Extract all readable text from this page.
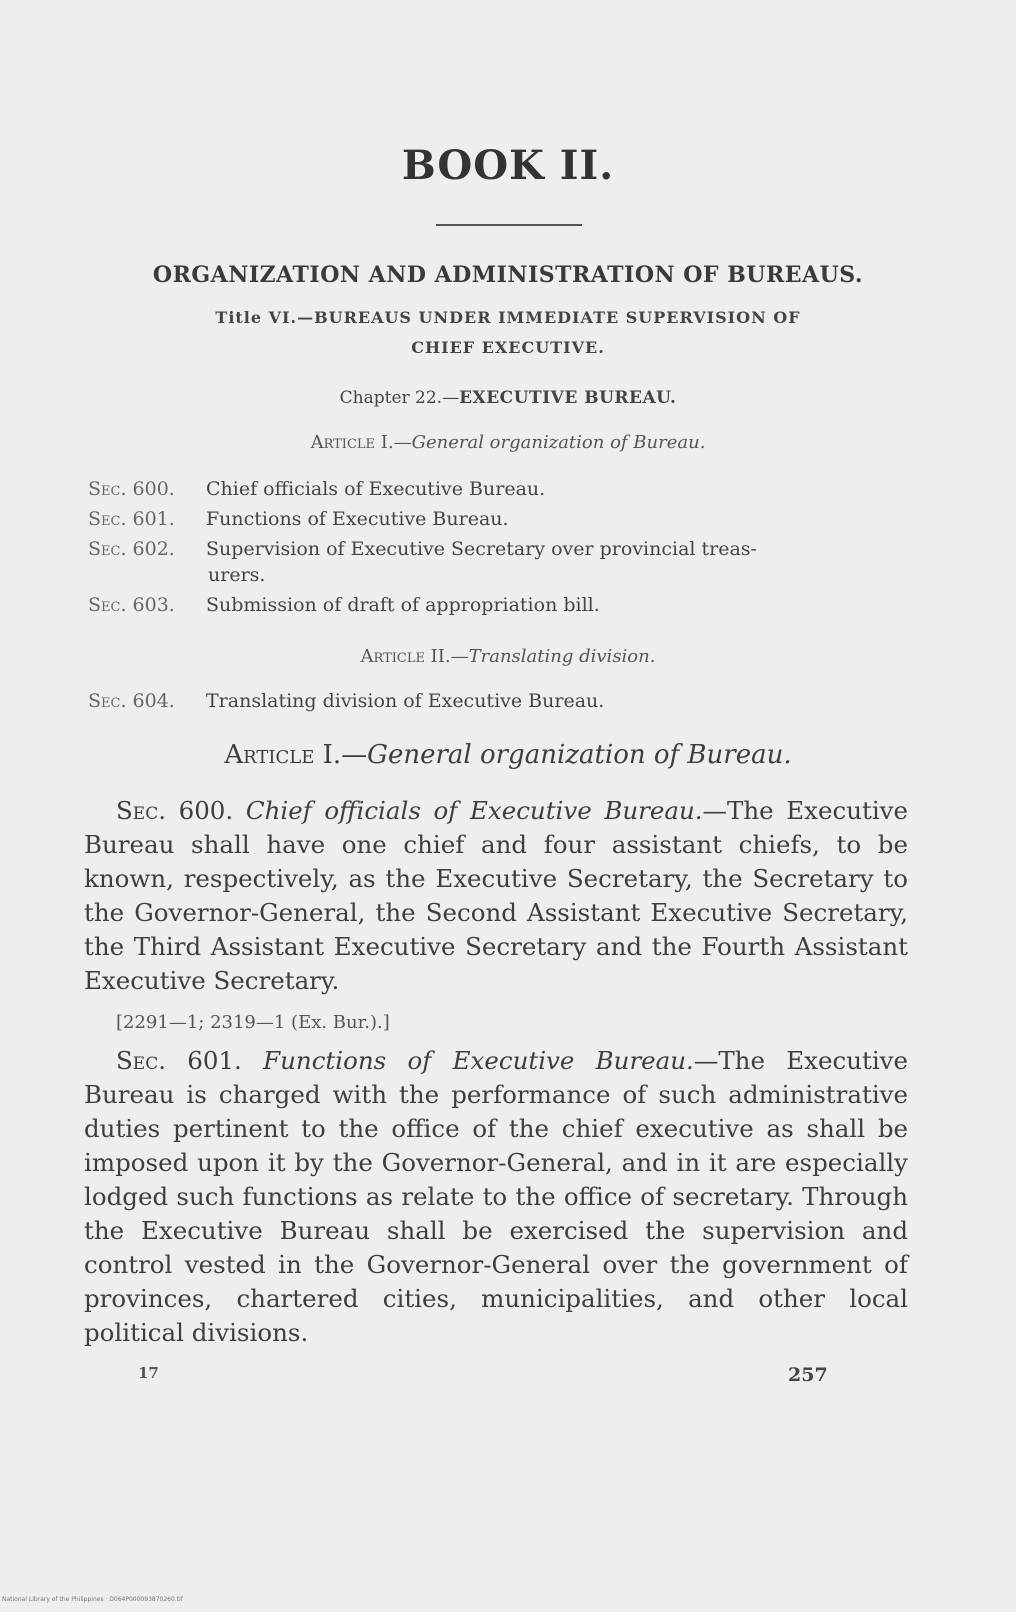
BOOK II.
ORGANIZATION AND ADMINISTRATION OF BUREAUS.
Title VI.—BUREAUS UNDER IMMEDIATE SUPERVISION OF
CHIEF EXECUTIVE.
Chapter 22.—EXECUTIVE BUREAU.
Article I.—General organization of Bureau.
Sec. 600. Chief officials of Executive Bureau.
Sec. 601. Functions of Executive Bureau.
Sec. 602. Supervision of Executive Secretary over provincial treas-
urers.
Sec. 603. Submission of draft of appropriation bill.
Article II.—Translating division.
Sec. 604. Translating division of Executive Bureau.
Article I.—General organization of Bureau.
Sec. 600. Chief officials of Executive Bureau.—The Executive Bureau shall have one chief and four assistant chiefs, to be known, respectively, as the Executive Secretary, the Secretary to the Governor-General, the Second Assistant Executive Secretary, the Third Assistant Executive Secretary and the Fourth Assistant Executive Secretary.
[2291—1; 2319—1 (Ex. Bur.).]
Sec. 601. Functions of Executive Bureau.—The Executive Bureau is charged with the performance of such administrative duties pertinent to the office of the chief executive as shall be imposed upon it by the Governor-General, and in it are especially lodged such functions as relate to the office of secretary. Through the Executive Bureau shall be exercised the supervision and control vested in the Governor-General over the government of provinces, chartered cities, municipalities, and other local political divisions.
17	257
National Library of the Philippines · D064P000093870260.tif
